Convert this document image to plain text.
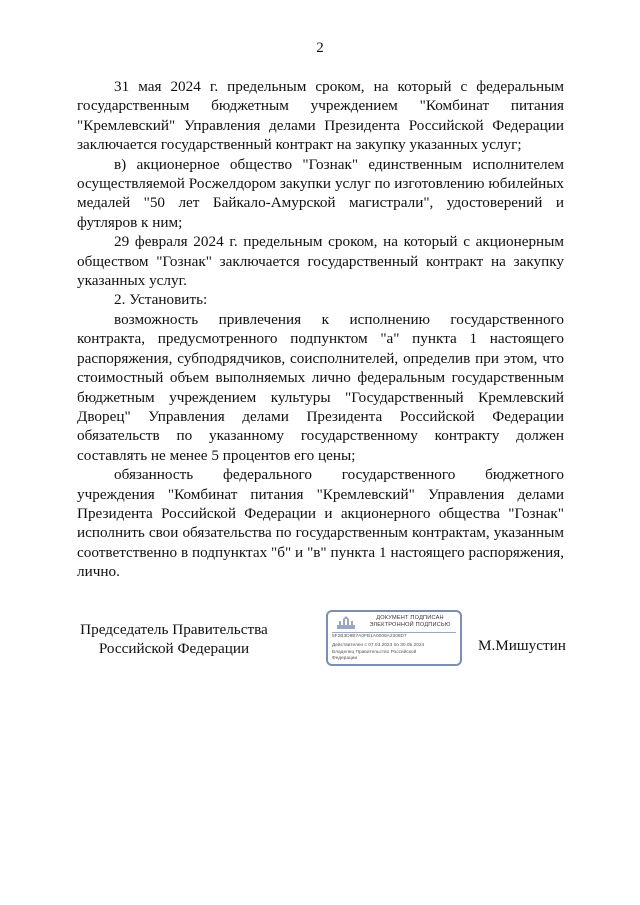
2

31 мая 2024 г. предельным сроком, на который с федеральным государственным бюджетным учреждением "Комбинат питания "Кремлевский" Управления делами Президента Российской Федерации заключается государственный контракт на закупку указанных услуг;

в) акционерное общество "Гознак" единственным исполнителем осуществляемой Росжелдором закупки услуг по изготовлению юбилейных медалей "50 лет Байкало-Амурской магистрали", удостоверений и футляров к ним;

29 февраля 2024 г. предельным сроком, на который с акционерным обществом "Гознак" заключается государственный контракт на закупку указанных услуг.

2. Установить:

возможность привлечения к исполнению государственного контракта, предусмотренного подпунктом "а" пункта 1 настоящего распоряжения, субподрядчиков, соисполнителей, определив при этом, что стоимостный объем выполняемых лично федеральным государственным бюджетным учреждением культуры "Государственный Кремлевский Дворец" Управления делами Президента Российской Федерации обязательств по указанному государственному контракту должен составлять не менее 5 процентов его цены;

обязанность федерального государственного бюджетного учреждения "Комбинат питания "Кремлевский" Управления делами Президента Российской Федерации и акционерного общества "Гознак" исполнить свои обязательства по государственным контрактам, указанным соответственно в подпунктах "б" и "в" пункта 1 настоящего распоряжения, лично.

Председатель Правительства
Российской Федерации
ДОКУМЕНТ ПОДПИСАН
ЭЛЕКТРОННОЙ ПОДПИСЬЮ
5F2B3D9B7A0FB1A0009A2306D7
Действителен с 07.03.2023 по 30.05.2024
Владелец Правительство Российской
Федерации
М.Мишустин
